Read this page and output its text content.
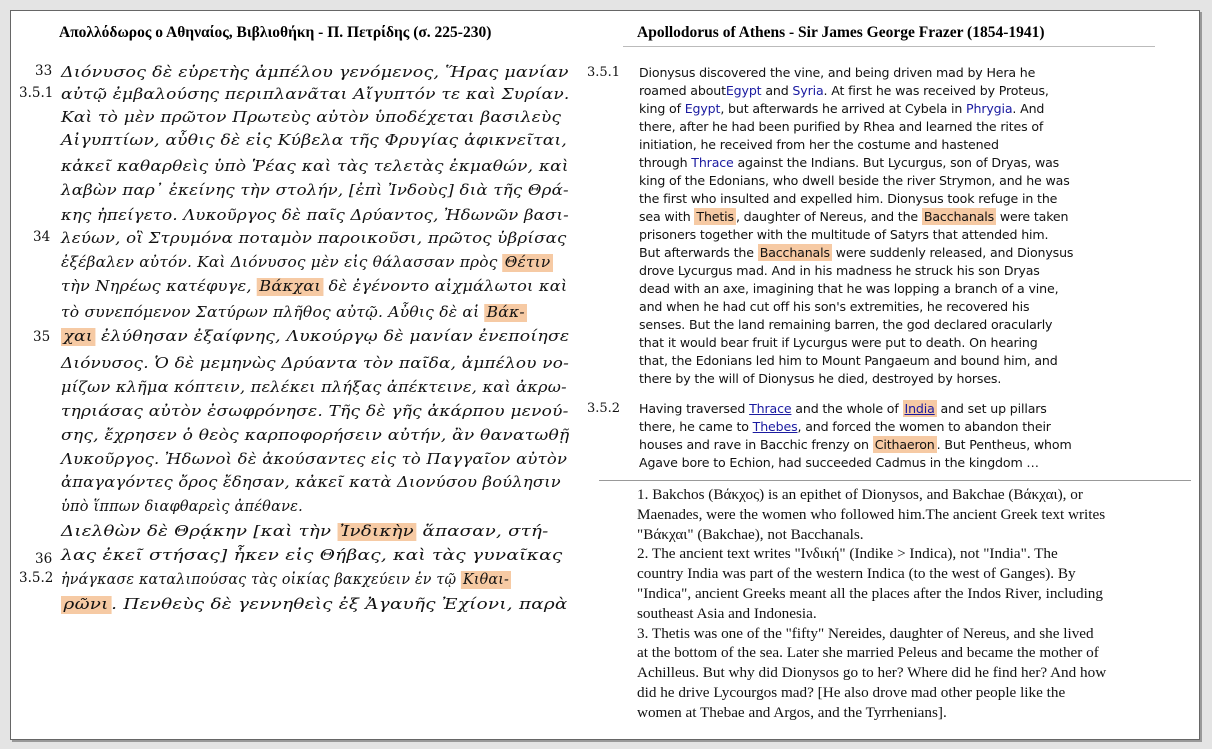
Απολλόδωρος ο Αθηναίος, Βιβλιοθήκη - Π. Πετρίδης (σ. 225-230)	Apollodorus of Athens - Sir James George Frazer (1854-1941)
33
3.5.1
34
35
36
3.5.2
Διόνυσος δὲ εὑρετὴς ἀμπέλου γενόμενος, Ἥρας μανίαν
αὐτῷ ἐμβαλούσης περιπλανᾶται Αἴγυπτόν τε καὶ Συρίαν.
Καὶ τὸ μὲν πρῶτον Πρωτεὺς αὐτὸν ὑποδέχεται βασιλεὺς
Αἰγυπτίων, αὖθις δὲ εἰς Κύβελα τῆς Φρυγίας ἀφικνεῖται,
κἀκεῖ καθαρθεὶς ὑπὸ Ῥέας καὶ τὰς τελετὰς ἐκμαθών, καὶ
λαβὼν παρ᾿ ἐκείνης τὴν στολήν, [ἐπὶ Ἰνδοὺς] διὰ τῆς Θρά-
κης ἠπείγετο. Λυκοῦργος δὲ παῖς Δρύαντος, Ἠδωνῶν βασι-
λεύων, οἳ Στρυμόνα ποταμὸν παροικοῦσι, πρῶτος ὑβρίσας
ἐξέβαλεν αὐτόν. Καὶ Διόνυσος μὲν εἰς θάλασσαν πρὸς Θέτιν
τὴν Νηρέως κατέφυγε, Βάκχαι δὲ ἐγένοντο αἰχμάλωτοι καὶ
τὸ συνεπόμενον Σατύρων πλῆθος αὐτῷ. Αὖθις δὲ αἱ Βάκ-
χαι ἐλύθησαν ἐξαίφνης, Λυκούργῳ δὲ μανίαν ἐνεποίησε
Διόνυσος. Ὁ δὲ μεμηνὼς Δρύαντα τὸν παῖδα, ἀμπέλου νο-
μίζων κλῆμα κόπτειν, πελέκει πλήξας ἀπέκτεινε, καὶ ἀκρω-
τηριάσας αὐτὸν ἐσωφρόνησε. Τῆς δὲ γῆς ἀκάρπου μενού-
σης, ἔχρησεν ὁ θεὸς καρποφορήσειν αὐτήν, ἂν θανατωθῇ
Λυκοῦργος. Ἠδωνοὶ δὲ ἀκούσαντες εἰς τὸ Παγγαῖον αὐτὸν
ἀπαγαγόντες ὄρος ἔδησαν, κἀκεῖ κατὰ Διονύσου βούλησιν
ὑπὸ ἵππων διαφθαρεὶς ἀπέθανε.
Διελθὼν δὲ Θρᾴκην [καὶ τὴν Ἰνδικὴν ἅπασαν, στή-
λας ἐκεῖ στήσας] ἧκεν εἰς Θήβας, καὶ τὰς γυναῖκας
ἠνάγκασε καταλιπούσας τὰς οἰκίας βακχεύειν ἐν τῷ Κιθαι-
ρῶνι . Πενθεὺς δὲ γεννηθεὶς ἐξ Ἀγαυῆς Ἐχίονι, παρὰ
3.5.1
3.5.2
Dionysus discovered the vine, and being driven mad by Hera he
roamed aboutEgypt and Syria. At first he was received by Proteus,
king of Egypt, but afterwards he arrived at Cybela in Phrygia. And
there, after he had been purified by Rhea and learned the rites of
initiation, he received from her the costume and hastened
through Thrace against the Indians. But Lycurgus, son of Dryas, was
king of the Edonians, who dwell beside the river Strymon, and he was
the first who insulted and expelled him. Dionysus took refuge in the
sea with Thetis , daughter of Nereus, and the Bacchanals were taken
prisoners together with the multitude of Satyrs that attended him.
But afterwards the Bacchanals were suddenly released, and Dionysus
drove Lycurgus mad. And in his madness he struck his son Dryas
dead with an axe, imagining that he was lopping a branch of a vine,
and when he had cut off his son's extremities, he recovered his
senses. But the land remaining barren, the god declared oracularly
that it would bear fruit if Lycurgus were put to death. On hearing
that, the Edonians led him to Mount Pangaeum and bound him, and
there by the will of Dionysus he died, destroyed by horses.
Having traversed Thrace and the whole of India and set up pillars
there, he came to Thebes, and forced the women to abandon their
houses and rave in Bacchic frenzy on Cithaeron . But Pentheus, whom
Agave bore to Echion, had succeeded Cadmus in the kingdom …
1. Bakchos (Βάκχος) is an epithet of Dionysos, and Bakchae (Βάκχαι), or
Maenades, were the women who followed him.The ancient Greek text writes
"Βάκχαι" (Bakchae), not Bacchanals.
2. The ancient text writes "Ινδική" (Indike > Indica), not "India". The
country India was part of the western Indica (to the west of Ganges). By
"Indica", ancient Greeks meant all the places after the Indos River, including
southeast Asia and Indonesia.
3. Thetis was one of the "fifty" Nereides, daughter of Nereus, and she lived
at the bottom of the sea. Later she married Peleus and became the mother of
Achilleus. But why did Dionysos go to her? Where did he find her? And how
did he drive Lycourgos mad? [He also drove mad other people like the
women at Thebae and Argos, and the Tyrrhenians].
